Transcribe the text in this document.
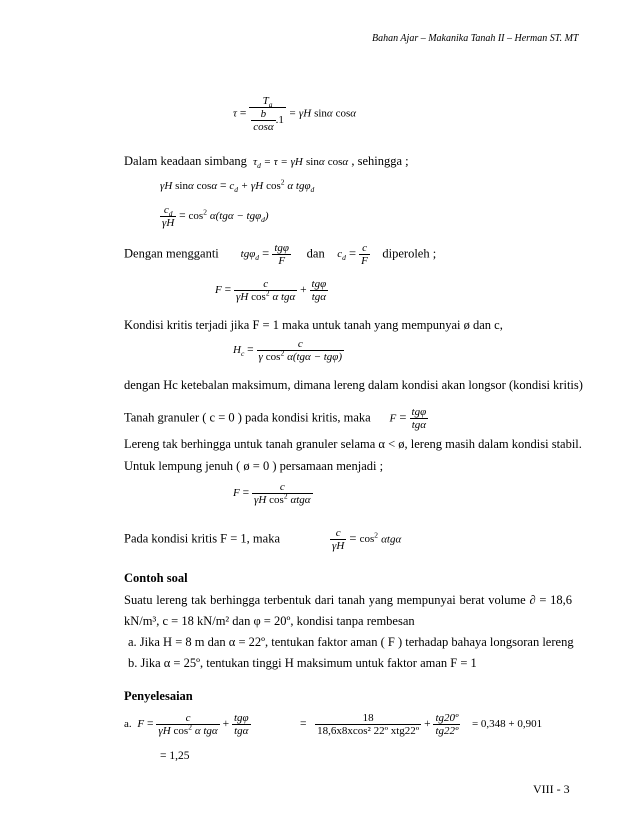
Bahan Ajar – Makanika Tanah II – Herman ST. MT
$\tau = \frac{T_a}{\frac{b}{\cos\alpha} .1} = \gamma H$ sinα cosα
Dalam keadaan simbang $\tau_d = \tau = \gamma H$ sinα cosα , sehingga ;
γH sinα $\cos\alpha = c_d + \gamma H$ $\cos^2 \alpha$ tgφ$_d$
$\frac{c_d}{\gamma H} = \cos^2 \alpha(tg\alpha - tg\varphi_d)$
Dengan mengganti $tg\varphi_d = \frac{\text{tgφ}}{F}$ dan $c_d = \frac{c}{F}$ diperoleh ;
$F = \frac{c}{\gamma H \cos^2 \alpha tg\alpha} + \frac{\text{tgφ}}{\text{tgα}}$
Kondisi kritis terjadi jika F = 1 maka untuk tanah yang mempunyai ø dan c,
$H_c = \frac{c}{\gamma \cos^2 \alpha(tg\alpha - tg\varphi)}$
dengan Hc ketebalan maksimum, dimana lereng dalam kondisi akan longsor (kondisi kritis)
Tanah granuler ( c = 0 ) pada kondisi kritis, maka $F = \frac{\text{tgφ}}{\text{tgα}}$
Lereng tak berhingga untuk tanah granuler selama α < ø, lereng masih dalam kondisi stabil.
Untuk lempung jenuh ( ø = 0 ) persamaan menjadi ;
$F = \frac{c}{\gamma H \cos^2 \alpha tg\alpha}$
Pada kondisi kritis F = 1, maka	$\frac{c}{\gamma H} = \cos^2 \alpha tg\alpha$
Contoh soal
Suatu lereng tak berhingga terbentuk dari tanah yang mempunyai berat volume ∂ = 18,6
kN/m³, c = 18 kN/m² dan φ = 20º, kondisi tanpa rembesan
a. Jika H = 8 m dan α = 22º, tentukan faktor aman ( F ) terhadap bahaya longsoran lereng
b. Jika α = 25º, tentukan tinggi H maksimum untuk faktor aman F = 1
Penyelesaian
a. $F = \frac{c}{\gamma H \cos^2 \alpha tg\alpha} + \frac{\text{tgφ}}{\text{tgα}}$	= $\frac{18}{\text{18,6x8xcos² 22º xtg22º}} + \frac{\text{tg20º}}{\text{tg22º}} = 0,348 + 0,901$
= 1,25
VIII - 3
